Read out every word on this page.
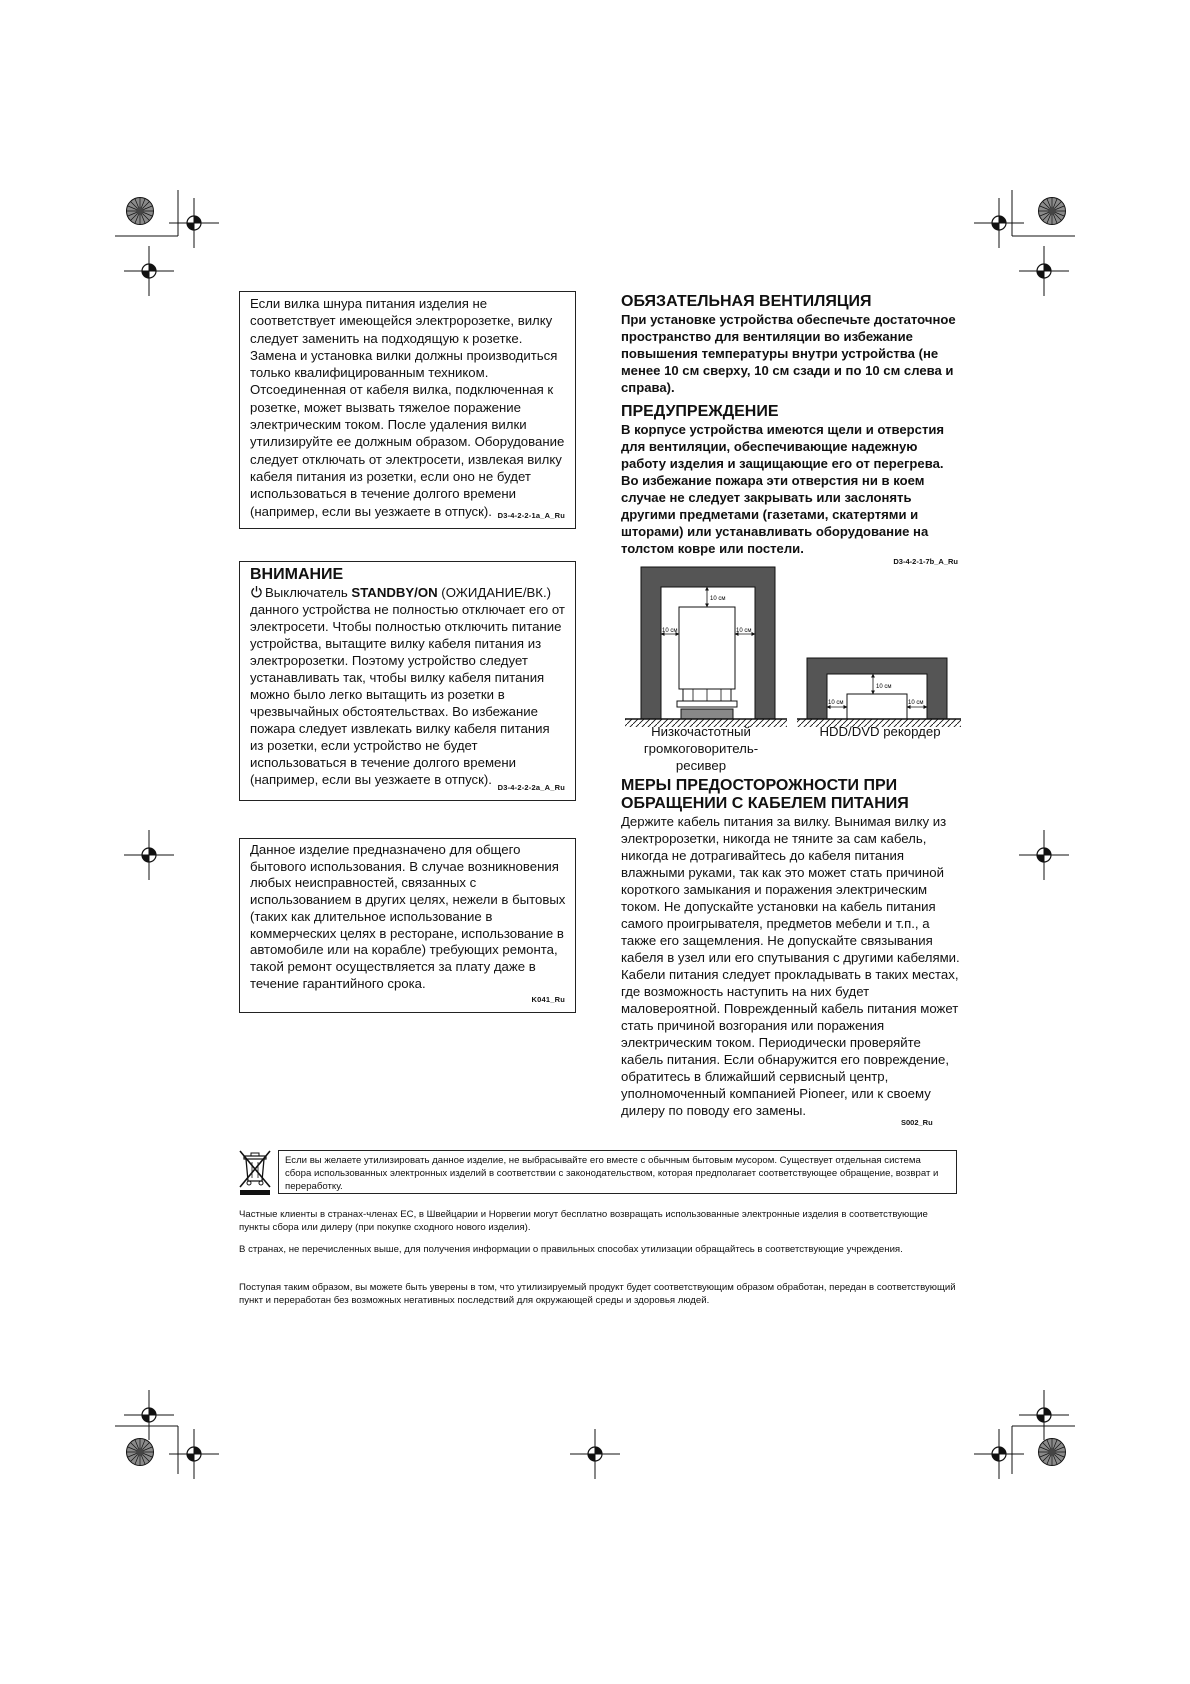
Если вилка шнура питания изделия не соответствует имеющейся электророзетке, вилку следует заменить на подходящую к розетке. Замена и установка вилки должны производиться только квалифицированным техником. Отсоединенная от кабеля вилка, подключенная к розетке, может вызвать тяжелое поражение электрическим током. После удаления вилки утилизируйте ее должным образом. Оборудование следует отключать от электросети, извлекая вилку кабеля питания из розетки, если оно не будет использоваться в течение долгого времени (например, если вы уезжаете в отпуск). D3-4-2-2-1a_A_Ru

ВНИМАНИЕ

Выключатель STANDBY/ON (ОЖИДАНИЕ/ВК.)

данного устройства не полностью отключает его от электросети. Чтобы полностью отключить питание устройства, вытащите вилку кабеля питания из электророзетки. Поэтому устройство следует устанавливать так, чтобы вилку кабеля питания можно было легко вытащить из розетки в чрезвычайных обстоятельствах. Во избежание пожара следует извлекать вилку кабеля питания из розетки, если устройство не будет использоваться в течение долгого времени (например, если вы уезжаете в отпуск).

D3-4-2-2-2a_A_Ru

Данное изделие предназначено для общего бытового использования. В случае возникновения любых неисправностей, связанных с использованием в других целях, нежели в бытовых (таких как длительное использование в коммерческих целях в ресторане, использование в автомобиле или на корабле) требующих ремонта, такой ремонт осуществляется за плату даже в течение гарантийного срока.

K041_Ru

ОБЯЗАТЕЛЬНАЯ ВЕНТИЛЯЦИЯ

При установке устройства обеспечьте достаточное пространство для вентиляции во избежание повышения температуры внутри устройства (не менее 10 см сверху, 10 см сзади и по 10 см слева и справа).

ПРЕДУПРЕЖДЕНИЕ

В корпусе устройства имеются щели и отверстия для вентиляции, обеспечивающие надежную работу изделия и защищающие его от перегрева. Во избежание пожара эти отверстия ни в коем случае не следует закрывать или заслонять другими предметами (газетами, скатертями и шторами) или устанавливать оборудование на толстом ковре или постели.

D3-4-2-1-7b_A_Ru
10 см
10 см	10 см
10 см
10 см	10 см
Низкочастотный
громкоговоритель-ресивер
HDD/DVD рекордер

МЕРЫ ПРЕДОСТОРОЖНОСТИ ПРИ

ОБРАЩЕНИИ С КАБЕЛЕМ ПИТАНИЯ

Держите кабель питания за вилку. Вынимая вилку из электророзетки, никогда не тяните за сам кабель, никогда не дотрагивайтесь до кабеля питания влажными руками, так как это может стать причиной короткого замыкания и поражения электрическим током. Не допускайте установки на кабель питания самого проигрывателя, предметов мебели и т.п., а также его защемления. Не допускайте связывания кабеля в узел или его спутывания с другими кабелями. Кабели питания следует прокладывать в таких местах, где возможность наступить на них будет маловероятной. Поврежденный кабель питания может стать причиной возгорания или поражения электрическим током. Периодически проверяйте кабель питания. Если обнаружится его повреждение, обратитесь в ближайший сервисный центр, уполномоченный компанией Pioneer, или к своему дилеру по поводу его замены.

S002_Ru
Если вы желаете утилизировать данное изделие, не выбрасывайте его вместе с обычным бытовым мусором. Существует отдельная система сбора использованных электронных изделий в соответствии с законодательством, которая предполагает соответствующее обращение, возврат и переработку.

Частные клиенты в странах-членах ЕС, в Швейцарии и Норвегии могут бесплатно возвращать использованные электронные изделия в соответствующие пункты сбора или дилеру (при покупке сходного нового изделия).

В странах, не перечисленных выше, для получения информации о правильных способах утилизации обращайтесь в соответствующие учреждения.

Поступая таким образом, вы можете быть уверены в том, что утилизируемый продукт будет соответствующим образом обработан, передан в соответствующий пункт и переработан без возможных негативных последствий для окружающей среды и здоровья людей.
